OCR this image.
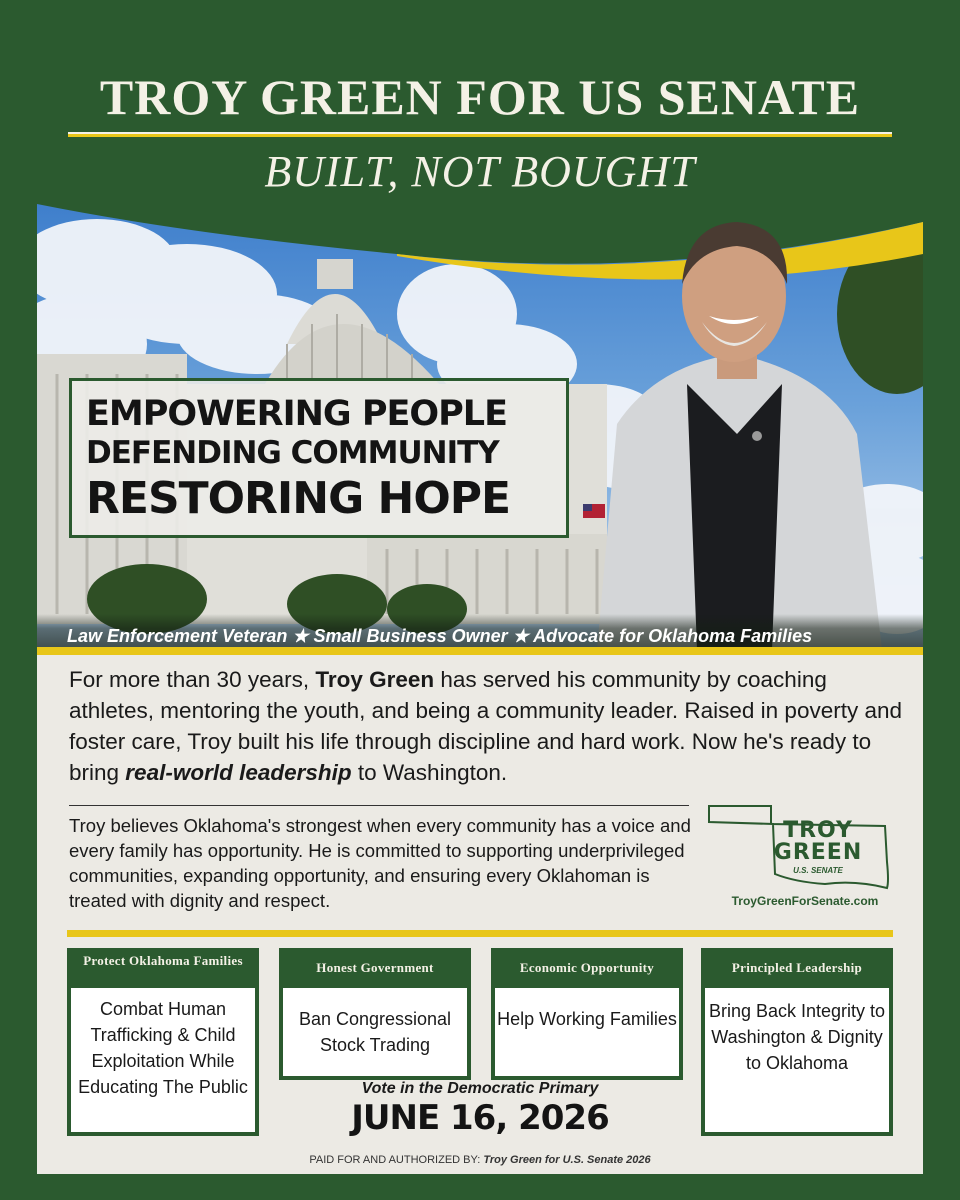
TROY GREEN FOR US SENATE
BUILT, NOT BOUGHT
EMPOWERING PEOPLE
DEFENDING COMMUNITY
RESTORING HOPE
Law Enforcement Veteran ★ Small Business Owner ★ Advocate for Oklahoma Families
For more than 30 years, Troy Green has served his community by coaching athletes, mentoring the youth, and being a community leader. Raised in poverty and foster care, Troy built his life through discipline and hard work. Now he's ready to bring real-world leadership to Washington.
Troy believes Oklahoma's strongest when every community has a voice and every family has opportunity. He is committed to supporting underprivileged communities, expanding opportunity, and ensuring every Oklahoman is treated with dignity and respect.
TROY
GREEN
U.S. SENATE
TroyGreenForSenate.com
Protect Oklahoma Families
Combat Human Trafficking & Child Exploitation While Educating The Public
Honest Government
Ban Congressional Stock Trading
Economic Opportunity
Help Working Families
Principled Leadership
Bring Back Integrity to Washington & Dignity to Oklahoma
Vote in the Democratic Primary
JUNE 16, 2026
PAID FOR AND AUTHORIZED BY: Troy Green for U.S. Senate 2026
